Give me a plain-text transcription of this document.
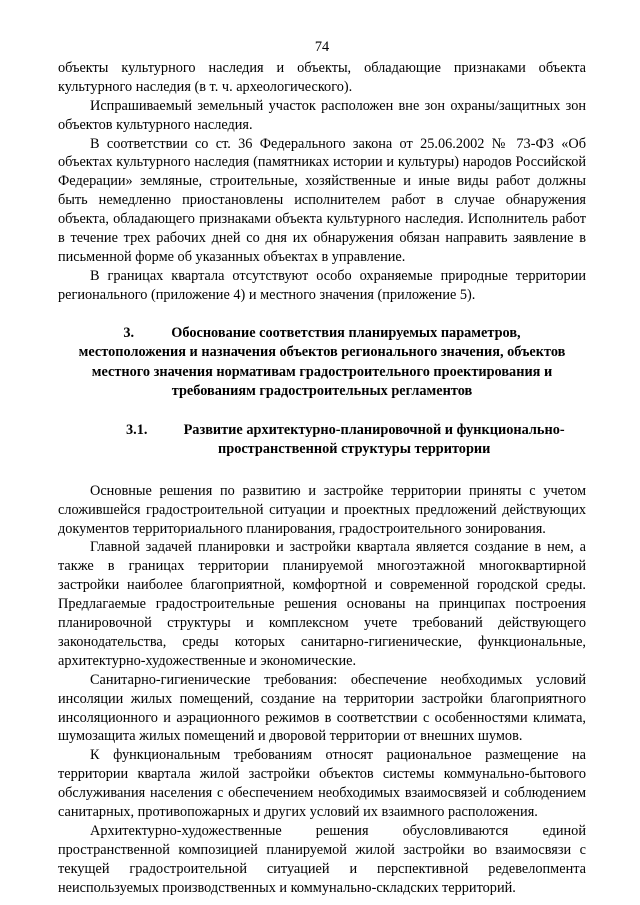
74

объекты культурного наследия и объекты, обладающие признаками объекта культурного наследия (в т. ч. археологического).

Испрашиваемый земельный участок расположен вне зон охраны/защитных зон объектов культурного наследия.

В соответствии со ст. 36 Федерального закона от 25.06.2002 № 73-ФЗ «Об объектах культурного наследия (памятниках истории и культуры) народов Российской Федерации» земляные, строительные, хозяйственные и иные виды работ должны быть немедленно приостановлены исполнителем работ в случае обнаружения объекта, обладающего признаками объекта культурного наследия. Исполнитель работ в течение трех рабочих дней со дня их обнаружения обязан направить заявление в письменной форме об указанных объектах в управление.

В границах квартала отсутствуют особо охраняемые природные территории регионального (приложение 4) и местного значения (приложение 5).

3.	Обоснование соответствия планируемых параметров,
местоположения и назначения объектов регионального значения, объектов местного значения нормативам градостроительного проектирования и требованиям градостроительных регламентов
3.1.	Развитие архитектурно-планировочной и функционально-
пространственной структуры территории

Основные решения по развитию и застройке территории приняты с учетом сложившейся градостроительной ситуации и проектных предложений действующих документов территориального планирования, градостроительного зонирования.

Главной задачей планировки и застройки квартала является создание в нем, а также в границах территории планируемой многоэтажной многоквартирной застройки наиболее благоприятной, комфортной и современной городской среды. Предлагаемые градостроительные решения основаны на принципах построения планировочной структуры и комплексном учете требований действующего законодательства, среды которых санитарно-гигиенические, функциональные, архитектурно-художественные и экономические.

Санитарно-гигиенические требования: обеспечение необходимых условий инсоляции жилых помещений, создание на территории застройки благоприятного инсоляционного и аэрационного режимов в соответствии с особенностями климата, шумозащита жилых помещений и дворовой территории от внешних шумов.

К функциональным требованиям относят рациональное размещение на территории квартала жилой застройки объектов системы коммунально-бытового обслуживания населения с обеспечением необходимых взаимосвязей и соблюдением санитарных, противопожарных и других условий их взаимного расположения.

Архитектурно-художественные решения обусловливаются единой пространственной композицией планируемой жилой застройки во взаимосвязи с текущей градостроительной ситуацией и перспективной редевелопмента неиспользуемых производственных и коммунально-складских территорий.
